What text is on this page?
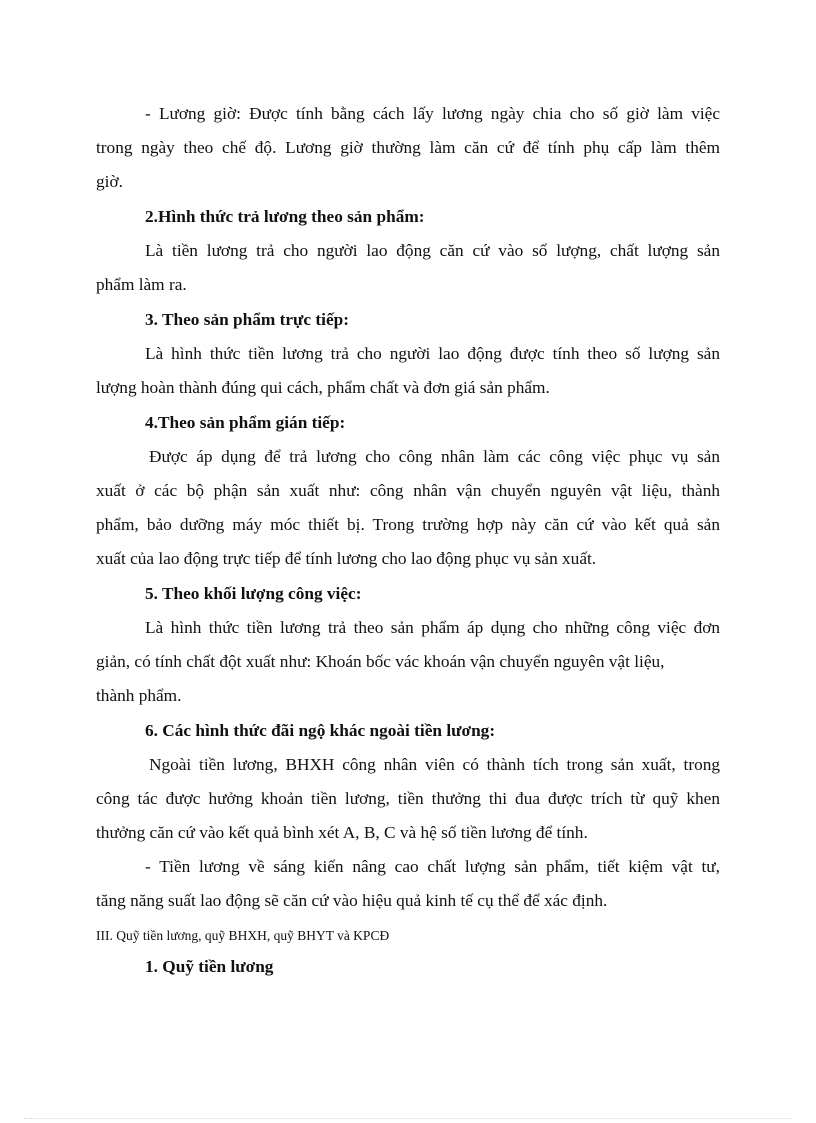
- Lương giờ: Được tính bằng cách lấy lương ngày chia cho số giờ làm việc
trong ngày theo chế độ. Lương giờ thường làm căn cứ để tính phụ cấp làm thêm
giờ.
2.Hình thức trả lương theo sản phẩm:
Là tiền lương trả cho người lao động căn cứ vào số lượng, chất lượng sản
phẩm làm ra.
3. Theo sản phẩm trực tiếp:
Là hình thức tiền lương trả cho người lao động được tính theo số lượng sản
lượng hoàn thành đúng qui cách, phẩm chất và đơn giá sản phẩm.
4.Theo sản phẩm gián tiếp:
Được áp dụng để trả lương cho công nhân làm các công việc phục vụ sản
xuất ở các bộ phận sản xuất như: công nhân vận chuyển nguyên vật liệu, thành
phẩm, bảo dưỡng máy móc thiết bị. Trong trường hợp này căn cứ vào kết quả sản
xuất của lao động trực tiếp để tính lương cho lao động phục vụ sản xuất.
5. Theo khối lượng công việc:
Là hình thức tiền lương trả theo sản phẩm áp dụng cho những công việc đơn
giản, có tính chất đột xuất như: Khoán bốc vác khoán vận chuyển nguyên vật liệu,
thành phẩm.
6. Các hình thức đãi ngộ khác ngoài tiền lương:
Ngoài tiền lương, BHXH công nhân viên có thành tích trong sản xuất, trong
công tác được hưởng khoản tiền lương, tiền thưởng thi đua được trích từ quỹ khen
thưởng căn cứ vào kết quả bình xét A, B, C và hệ số tiền lương để tính.
- Tiền lương về sáng kiến nâng cao chất lượng sản phẩm, tiết kiệm vật tư,
tăng năng suất lao động sẽ căn cứ vào hiệu quả kinh tế cụ thể để xác định.
III. Quỹ tiền lương, quỹ BHXH, quỹ BHYT và KPCĐ
1. Quỹ tiền lương
